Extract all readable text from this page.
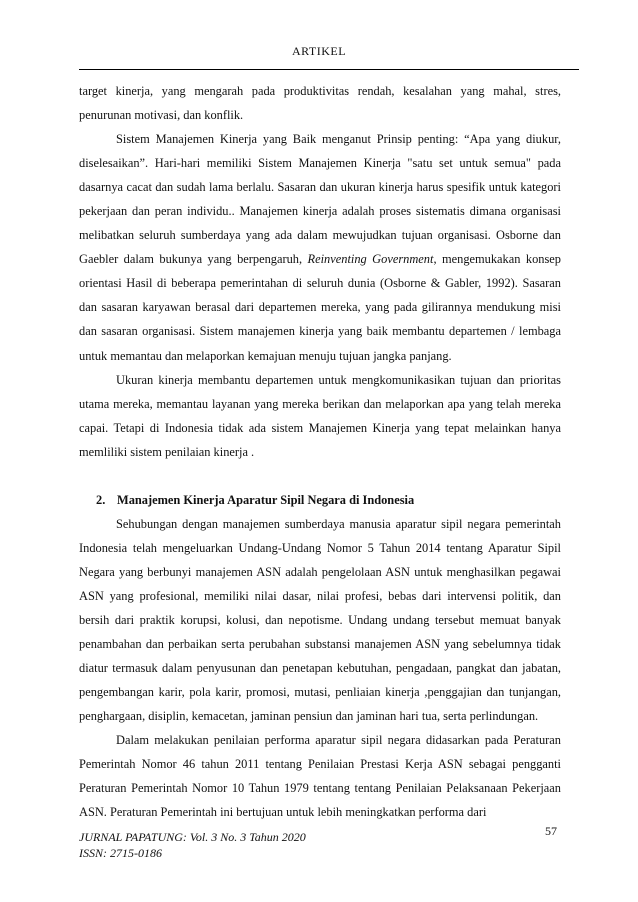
ARTIKEL

target kinerja, yang mengarah pada produktivitas rendah, kesalahan yang mahal, stres, penurunan motivasi, dan konflik.

Sistem Manajemen Kinerja yang Baik menganut Prinsip penting: “Apa yang diukur, diselesaikan”. Hari-hari memiliki Sistem Manajemen Kinerja "satu set untuk semua" pada dasarnya cacat dan sudah lama berlalu. Sasaran dan ukuran kinerja harus spesifik untuk kategori pekerjaan dan peran individu.. Manajemen kinerja adalah proses sistematis dimana organisasi melibatkan seluruh sumberdaya yang ada dalam mewujudkan tujuan organisasi. Osborne dan Gaebler dalam bukunya yang berpengaruh, Reinventing Government, mengemukakan konsep orientasi Hasil di beberapa pemerintahan di seluruh dunia (Osborne & Gabler, 1992). Sasaran dan sasaran karyawan berasal dari departemen mereka, yang pada gilirannya mendukung misi dan sasaran organisasi. Sistem manajemen kinerja yang baik membantu departemen / lembaga untuk memantau dan melaporkan kemajuan menuju tujuan jangka panjang.

Ukuran kinerja membantu departemen untuk mengkomunikasikan tujuan dan prioritas utama mereka, memantau layanan yang mereka berikan dan melaporkan apa yang telah mereka capai. Tetapi di Indonesia tidak ada sistem Manajemen Kinerja yang tepat melainkan hanya memliliki sistem penilaian kinerja .

2. Manajemen Kinerja Aparatur Sipil Negara di Indonesia

Sehubungan dengan manajemen sumberdaya manusia aparatur sipil negara pemerintah Indonesia telah mengeluarkan Undang-Undang Nomor 5 Tahun 2014 tentang Aparatur Sipil Negara yang berbunyi manajemen ASN adalah pengelolaan ASN untuk menghasilkan pegawai ASN yang profesional, memiliki nilai dasar, nilai profesi, bebas dari intervensi politik, dan bersih dari praktik korupsi, kolusi, dan nepotisme. Undang undang tersebut memuat banyak penambahan dan perbaikan serta perubahan substansi manajemen ASN yang sebelumnya tidak diatur termasuk dalam penyusunan dan penetapan kebutuhan, pengadaan, pangkat dan jabatan, pengembangan karir, pola karir, promosi, mutasi, penliaian kinerja ,penggajian dan tunjangan, penghargaan, disiplin, kemacetan, jaminan pensiun dan jaminan hari tua, serta perlindungan.

Dalam melakukan penilaian performa aparatur sipil negara didasarkan pada Peraturan Pemerintah Nomor 46 tahun 2011 tentang Penilaian Prestasi Kerja ASN sebagai pengganti Peraturan Pemerintah Nomor 10 Tahun 1979 tentang tentang Penilaian Pelaksanaan Pekerjaan ASN. Peraturan Pemerintah ini bertujuan untuk lebih meningkatkan performa dari

JURNAL PAPATUNG: Vol. 3 No. 3 Tahun 2020
ISSN: 2715-0186
57
